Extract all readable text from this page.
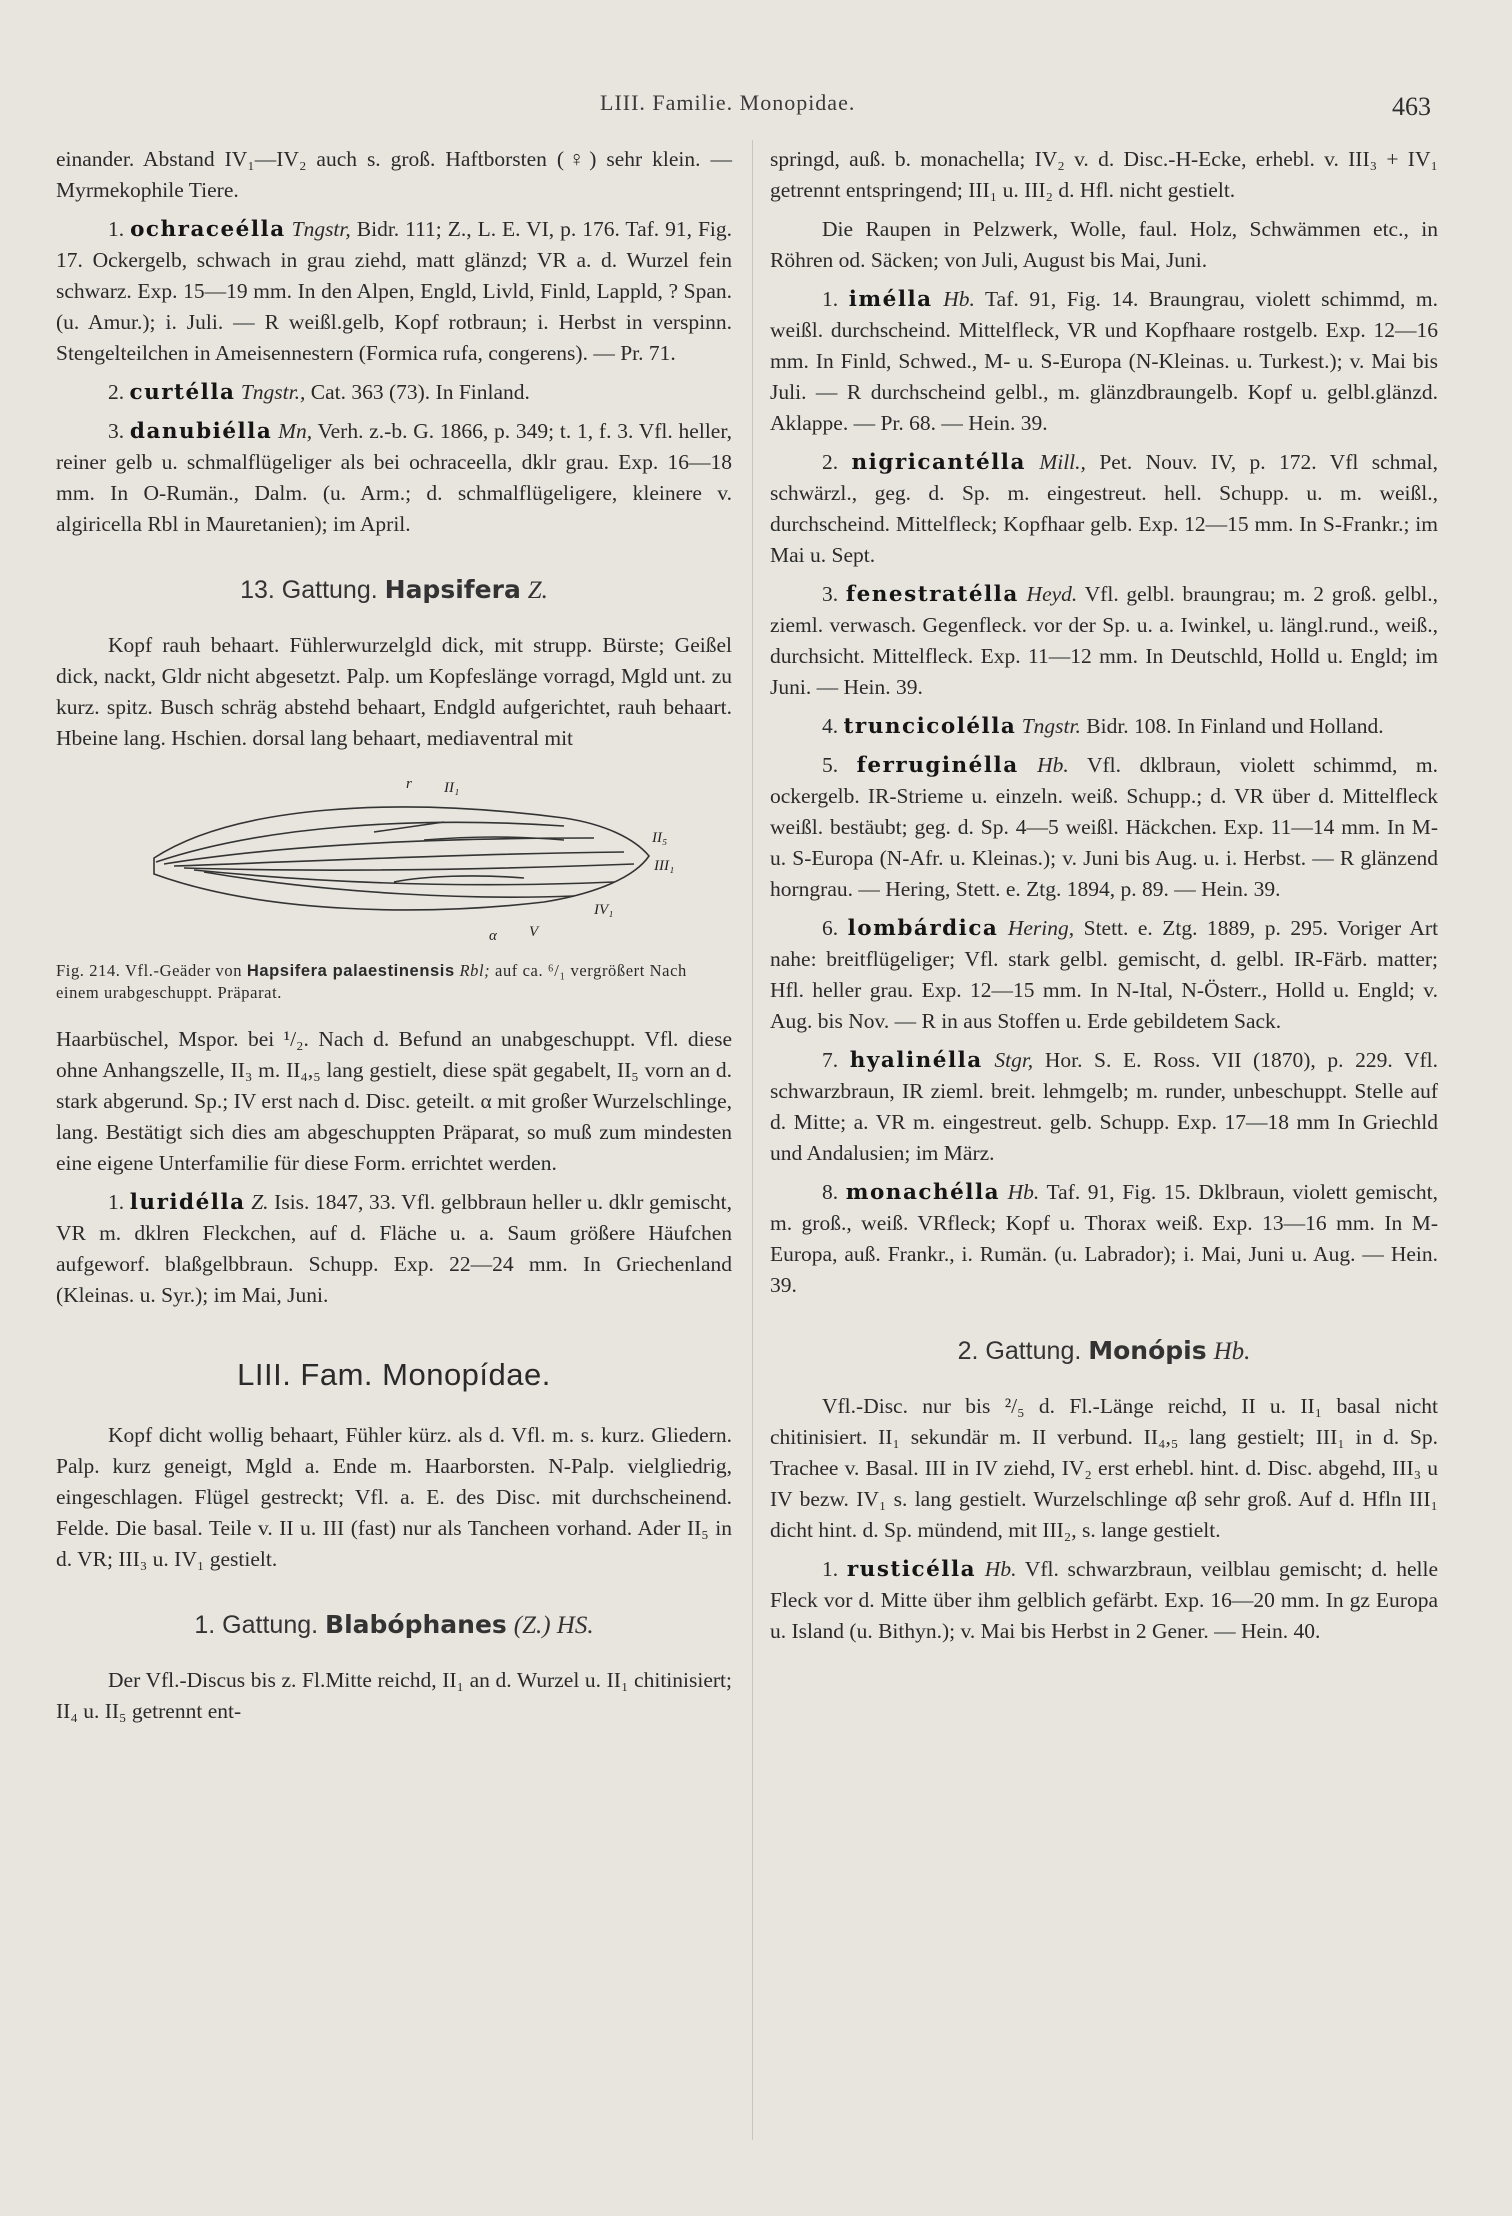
LIII. Familie. Monopidae.	463

einander. Abstand IV₁—IV₂ auch s. groß. Haftborsten (♀) sehr klein. — Myrmekophile Tiere.

1. ochraceélla Tngstr, Bidr. 111; Z., L. E. VI, p. 176. Taf. 91, Fig. 17. Ockergelb, schwach in grau ziehd, matt glänzd; VR a. d. Wurzel fein schwarz. Exp. 15—19 mm. In den Alpen, Engld, Livld, Finld, Lappld, ? Span. (u. Amur.); i. Juli. — R weißl.gelb, Kopf rotbraun; i. Herbst in verspinn. Stengelteilchen in Ameisennestern (Formica rufa, congerens). — Pr. 71.

2. curtélla Tngstr., Cat. 363 (73). In Finland.

3. danubiélla Mn, Verh. z.-b. G. 1866, p. 349; t. 1, f. 3. Vfl. heller, reiner gelb u. schmalflügeliger als bei ochraceella, dklr grau. Exp. 16—18 mm. In O-Rumän., Dalm. (u. Arm.; d. schmalflügeligere, kleinere v. algiricella Rbl in Mauretanien); im April.

13. Gattung. Hapsifera Z.

Kopf rauh behaart. Fühlerwurzelgld dick, mit strupp. Bürste; Geißel dick, nackt, Gldr nicht abgesetzt. Palp. um Kopfeslänge vorragd, Mgld unt. zu kurz. spitz. Busch schräg abstehd behaart, Endgld aufgerichtet, rauh behaart. Hbeine lang. Hschien. dorsal lang behaart, mediaventral mit

r II₁
II₅
III₁
IV₁
α V
Fig. 214. Vfl.-Geäder von Hapsifera palaestinensis Rbl; auf ca. ⁶/₁ vergrößert Nach einem urabgeschuppt. Präparat.

Haarbüschel, Mspor. bei ¹/₂. Nach d. Befund an unabgeschuppt. Vfl. diese ohne Anhangszelle, II₃ m. II₄,₅ lang gestielt, diese spät gegabelt, II₅ vorn an d. stark abgerund. Sp.; IV erst nach d. Disc. geteilt. α mit großer Wurzelschlinge, lang. Bestätigt sich dies am abgeschuppten Präparat, so muß zum mindesten eine eigene Unterfamilie für diese Form. errichtet werden.

1. luridélla Z. Isis. 1847, 33. Vfl. gelbbraun heller u. dklr gemischt, VR m. dklren Fleckchen, auf d. Fläche u. a. Saum größere Häufchen aufgeworf. blaßgelbbraun. Schupp. Exp. 22—24 mm. In Griechenland (Kleinas. u. Syr.); im Mai, Juni.

LIII. Fam. Monopídae.

Kopf dicht wollig behaart, Fühler kürz. als d. Vfl. m. s. kurz. Gliedern. Palp. kurz geneigt, Mgld a. Ende m. Haarborsten. N-Palp. vielgliedrig, eingeschlagen. Flügel gestreckt; Vfl. a. E. des Disc. mit durchscheinend. Felde. Die basal. Teile v. II u. III (fast) nur als Tancheen vorhand. Ader II₅ in d. VR; III₃ u. IV₁ gestielt.

1. Gattung. Blabóphanes (Z.) HS.

Der Vfl.-Discus bis z. Fl.Mitte reichd, II₁ an d. Wurzel u. II₁ chitinisiert; II₄ u. II₅ getrennt ent-

springd, auß. b. monachella; IV₂ v. d. Disc.-H-Ecke, erhebl. v. III₃ + IV₁ getrennt entspringend; III₁ u. III₂ d. Hfl. nicht gestielt.

Die Raupen in Pelzwerk, Wolle, faul. Holz, Schwämmen etc., in Röhren od. Säcken; von Juli, August bis Mai, Juni.

1. imélla Hb. Taf. 91, Fig. 14. Braungrau, violett schimmd, m. weißl. durchscheind. Mittelfleck, VR und Kopfhaare rostgelb. Exp. 12—16 mm. In Finld, Schwed., M- u. S-Europa (N-Kleinas. u. Turkest.); v. Mai bis Juli. — R durchscheind gelbl., m. glänzdbraungelb. Kopf u. gelbl.glänzd. Aklappe. — Pr. 68. — Hein. 39.

2. nigricantélla Mill., Pet. Nouv. IV, p. 172. Vfl schmal, schwärzl., geg. d. Sp. m. eingestreut. hell. Schupp. u. m. weißl., durchscheind. Mittelfleck; Kopfhaar gelb. Exp. 12—15 mm. In S-Frankr.; im Mai u. Sept.

3. fenestratélla Heyd. Vfl. gelbl. braungrau; m. 2 groß. gelbl., zieml. verwasch. Gegenfleck. vor der Sp. u. a. Iwinkel, u. längl.rund., weiß., durchsicht. Mittelfleck. Exp. 11—12 mm. In Deutschld, Holld u. Engld; im Juni. — Hein. 39.

4. truncicolélla Tngstr. Bidr. 108. In Finland und Holland.

5. ferruginélla Hb. Vfl. dklbraun, violett schimmd, m. ockergelb. IR-Strieme u. einzeln. weiß. Schupp.; d. VR über d. Mittelfleck weißl. bestäubt; geg. d. Sp. 4—5 weißl. Häckchen. Exp. 11—14 mm. In M- u. S-Europa (N-Afr. u. Kleinas.); v. Juni bis Aug. u. i. Herbst. — R glänzend horngrau. — Hering, Stett. e. Ztg. 1894, p. 89. — Hein. 39.

6. lombárdica Hering, Stett. e. Ztg. 1889, p. 295. Voriger Art nahe: breitflügeliger; Vfl. stark gelbl. gemischt, d. gelbl. IR-Färb. matter; Hfl. heller grau. Exp. 12—15 mm. In N-Ital, N-Österr., Holld u. Engld; v. Aug. bis Nov. — R in aus Stoffen u. Erde gebildetem Sack.

7. hyalinélla Stgr, Hor. S. E. Ross. VII (1870), p. 229. Vfl. schwarzbraun, IR zieml. breit. lehmgelb; m. runder, unbeschuppt. Stelle auf d. Mitte; a. VR m. eingestreut. gelb. Schupp. Exp. 17—18 mm In Griechld und Andalusien; im März.

8. monachélla Hb. Taf. 91, Fig. 15. Dklbraun, violett gemischt, m. groß., weiß. VRfleck; Kopf u. Thorax weiß. Exp. 13—16 mm. In M-Europa, auß. Frankr., i. Rumän. (u. Labrador); i. Mai, Juni u. Aug. — Hein. 39.

2. Gattung. Monópis Hb.

Vfl.-Disc. nur bis ²/₅ d. Fl.-Länge reichd, II u. II₁ basal nicht chitinisiert. II₁ sekundär m. II verbund. II₄,₅ lang gestielt; III₁ in d. Sp. Trachee v. Basal. III in IV ziehd, IV₂ erst erhebl. hint. d. Disc. abgehd, III₃ u IV bezw. IV₁ s. lang gestielt. Wurzelschlinge αβ sehr groß. Auf d. Hfln III₁ dicht hint. d. Sp. mündend, mit III₂, s. lange gestielt.

1. rusticélla Hb. Vfl. schwarzbraun, veilblau gemischt; d. helle Fleck vor d. Mitte über ihm gelblich gefärbt. Exp. 16—20 mm. In gz Europa u. Island (u. Bithyn.); v. Mai bis Herbst in 2 Gener. — Hein. 40.
